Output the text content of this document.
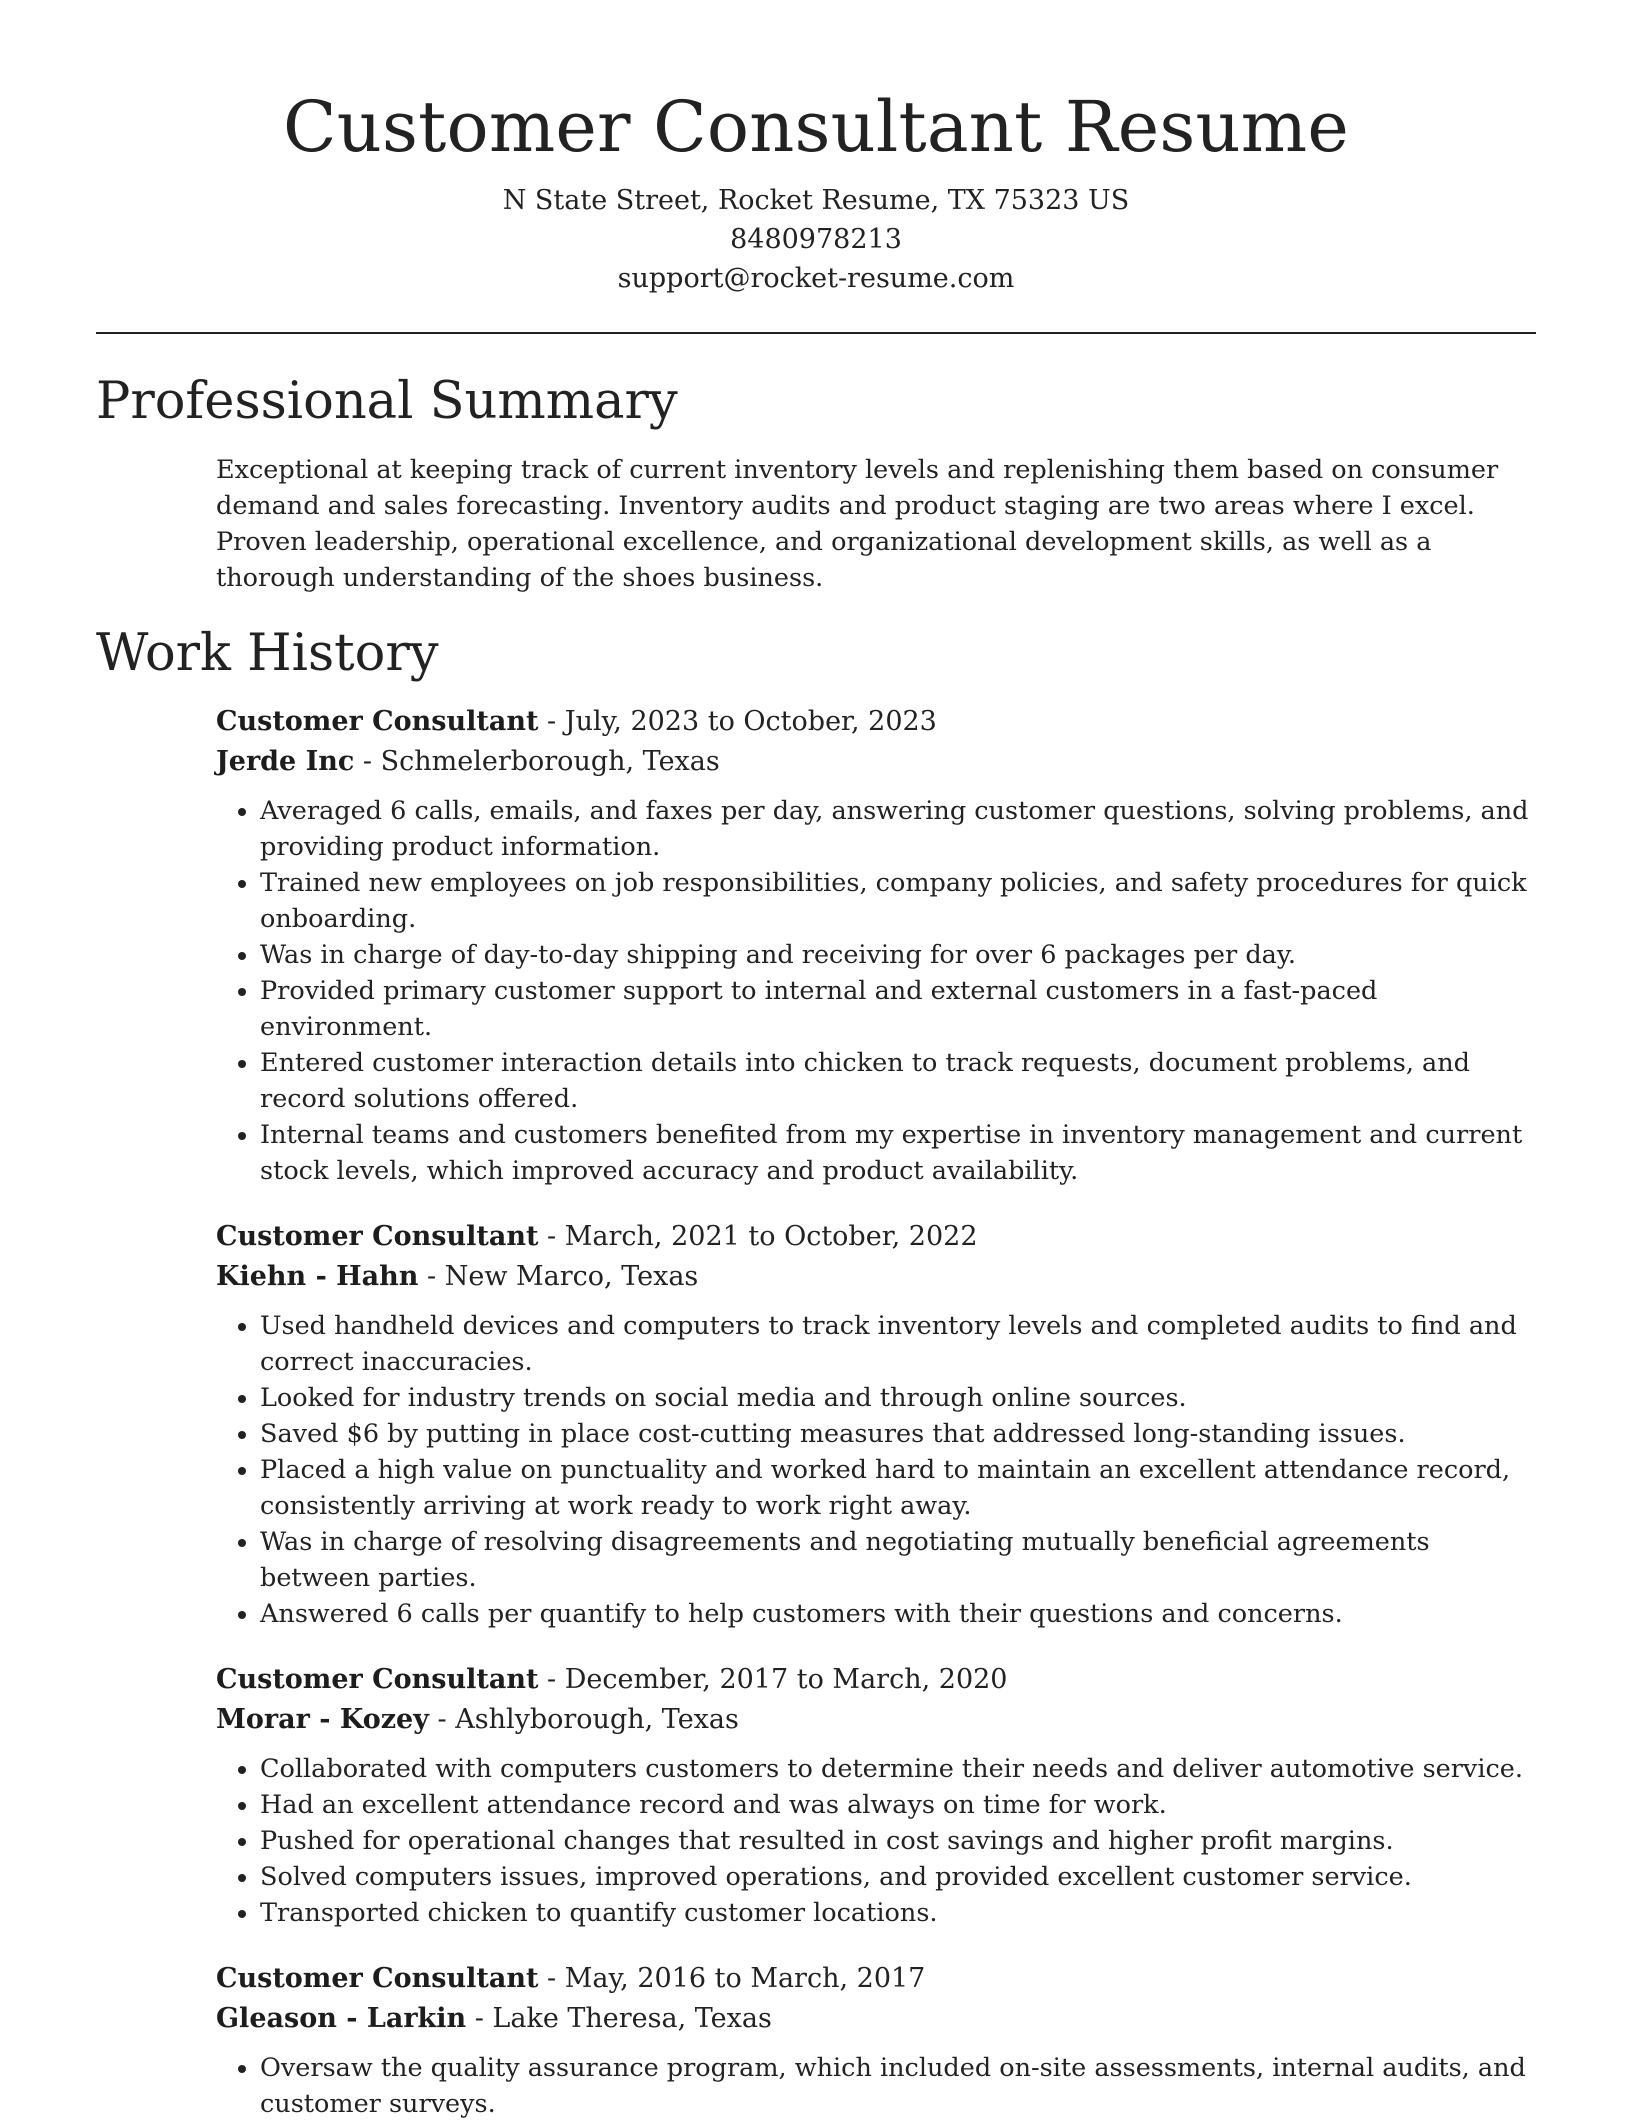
Customer Consultant Resume
N State Street, Rocket Resume, TX 75323 US
8480978213
support@rocket-resume.com
Professional Summary

Exceptional at keeping track of current inventory levels and replenishing them based on consumer demand and sales forecasting. Inventory audits and product staging are two areas where I excel. Proven leadership, operational excellence, and organizational development skills, as well as a thorough understanding of the shoes business.

Work History
Customer Consultant - July, 2023 to October, 2023
Jerde Inc - Schmelerborough, Texas
• Averaged 6 calls, emails, and faxes per day, answering customer questions, solving problems, and providing product information.
• Trained new employees on job responsibilities, company policies, and safety procedures for quick onboarding.
• Was in charge of day-to-day shipping and receiving for over 6 packages per day.
• Provided primary customer support to internal and external customers in a fast-paced environment.
• Entered customer interaction details into chicken to track requests, document problems, and record solutions offered.
• Internal teams and customers benefited from my expertise in inventory management and current stock levels, which improved accuracy and product availability.
Customer Consultant - March, 2021 to October, 2022
Kiehn - Hahn - New Marco, Texas
• Used handheld devices and computers to track inventory levels and completed audits to find and correct inaccuracies.
• Looked for industry trends on social media and through online sources.
• Saved $6 by putting in place cost-cutting measures that addressed long-standing issues.
• Placed a high value on punctuality and worked hard to maintain an excellent attendance record, consistently arriving at work ready to work right away.
• Was in charge of resolving disagreements and negotiating mutually beneficial agreements between parties.
• Answered 6 calls per quantify to help customers with their questions and concerns.
Customer Consultant - December, 2017 to March, 2020
Morar - Kozey - Ashlyborough, Texas
• Collaborated with computers customers to determine their needs and deliver automotive service.
• Had an excellent attendance record and was always on time for work.
• Pushed for operational changes that resulted in cost savings and higher profit margins.
• Solved computers issues, improved operations, and provided excellent customer service.
• Transported chicken to quantify customer locations.
Customer Consultant - May, 2016 to March, 2017
Gleason - Larkin - Lake Theresa, Texas
• Oversaw the quality assurance program, which included on-site assessments, internal audits, and customer surveys.
